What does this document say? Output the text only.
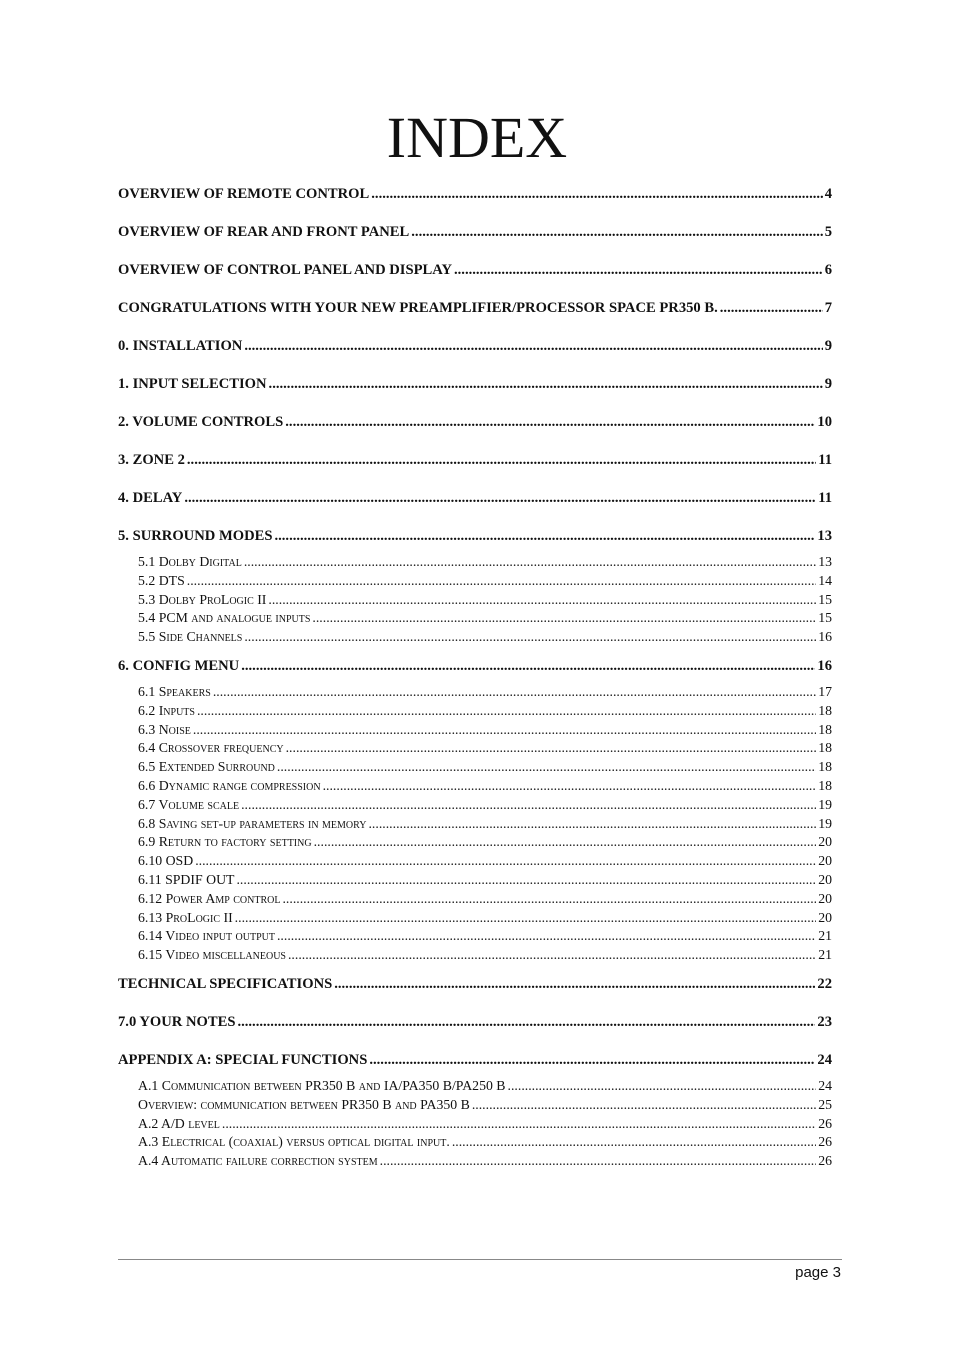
INDEX
OVERVIEW OF REMOTE CONTROL .....	4
OVERVIEW OF REAR AND FRONT PANEL .....	5
OVERVIEW OF CONTROL PANEL AND DISPLAY .....	6
CONGRATULATIONS WITH YOUR NEW PREAMPLIFIER/PROCESSOR SPACE PR350 B. .....	7
0. INSTALLATION .....	9
1. INPUT SELECTION .....	9
2. VOLUME CONTROLS .....	10
3. ZONE 2 .....	11
4. DELAY .....	11
5. SURROUND MODES .....	13
5.1 Dolby Digital .....	13
5.2 DTS .....	14
5.3 Dolby ProLogic II .....	15
5.4 PCM and analogue inputs .....	15
5.5 Side Channels .....	16
6. CONFIG MENU .....	16
6.1 Speakers .....	17
6.2 Inputs .....	18
6.3 Noise .....	18
6.4 Crossover frequency .....	18
6.5 Extended Surround .....	18
6.6 Dynamic range compression .....	18
6.7 Volume scale .....	19
6.8 Saving set-up parameters in memory .....	19
6.9 Return to factory setting .....	20
6.10 OSD .....	20
6.11 SPDIF OUT .....	20
6.12 Power Amp control .....	20
6.13 ProLogic II .....	20
6.14 Video input output .....	21
6.15 Video miscellaneous .....	21
TECHNICAL SPECIFICATIONS .....	22
7.0 YOUR NOTES .....	23
APPENDIX A: SPECIAL FUNCTIONS .....	24
A.1 Communication between PR350 B and IA/PA350 B/PA250 B .....	24
Overview: communication between PR350 B and PA350 B .....	25
A.2 A/D level .....	26
A.3 Electrical (coaxial) versus optical digital input. .....	26
A.4 Automatic failure correction system .....	26
page 3
